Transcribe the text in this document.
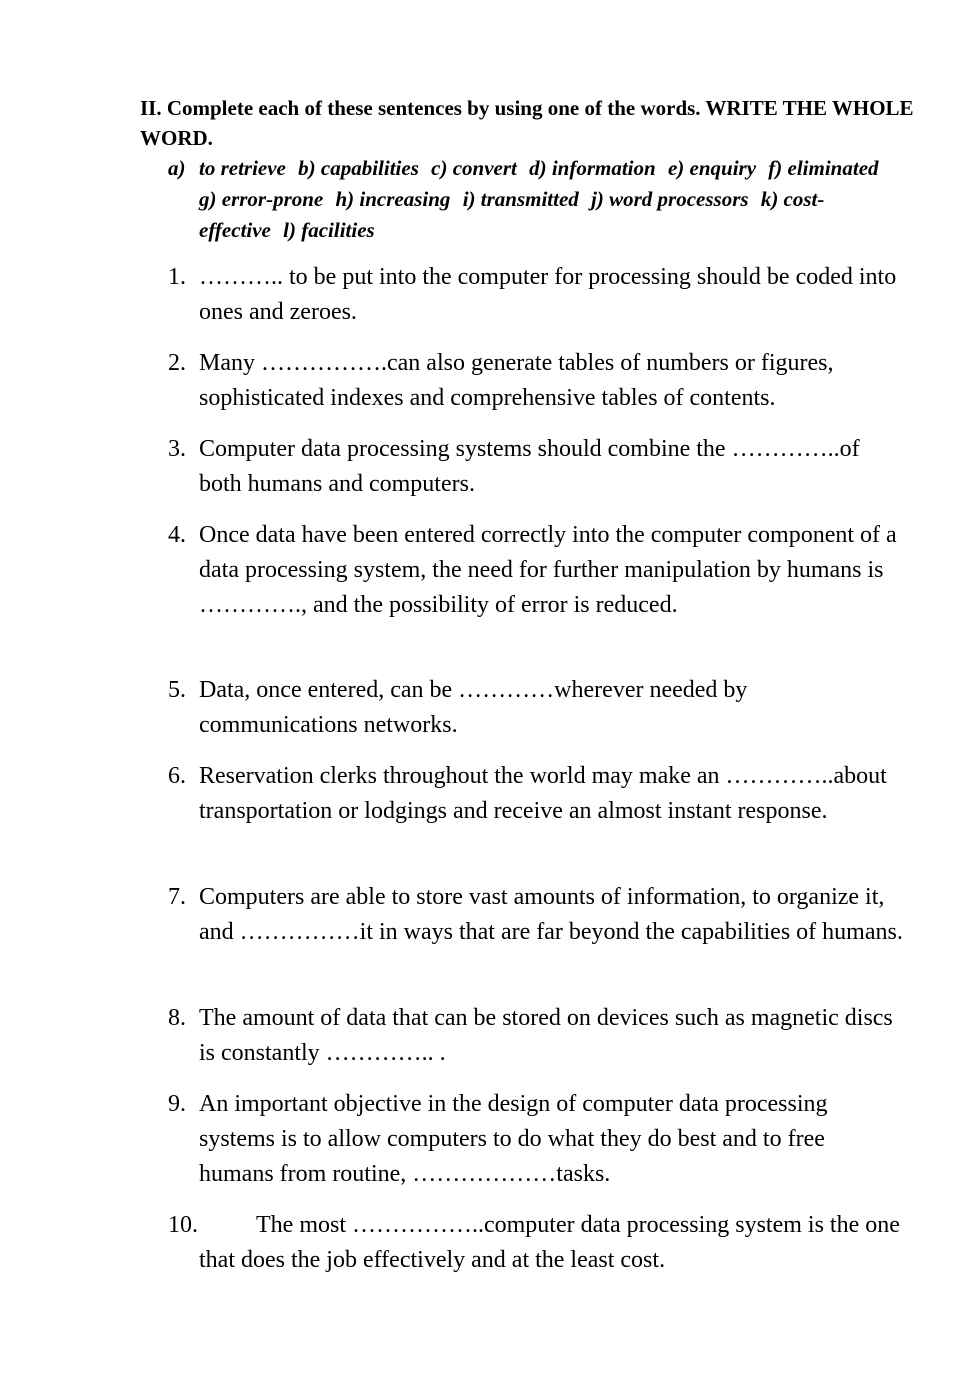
II. Complete each of these sentences by using one of the words. WRITE THE WHOLE WORD.
a) to retrieve b) capabilities c) convert d) information e) enquiry f) eliminated g) error-prone h) increasing i) transmitted j) word processors k) cost-effective l) facilities
1. ……….. to be put into the computer for processing should be coded into ones and zeroes.
2. Many …………….can also generate tables of numbers or figures, sophisticated indexes and comprehensive tables of contents.
3. Computer data processing systems should combine the …………..of both humans and computers.
4. Once data have been entered correctly into the computer component of a data processing system, the need for further manipulation by humans is …………., and the possibility of error is reduced.
5. Data, once entered, can be …………wherever needed by communications networks.
6. Reservation clerks throughout the world may make an …………..about transportation or lodgings and receive an almost instant response.
7. Computers are able to store vast amounts of information, to organize it, and ……………it in ways that are far beyond the capabilities of humans.
8. The amount of data that can be stored on devices such as magnetic discs is constantly ………….. .
9. An important objective in the design of computer data processing systems is to allow computers to do what they do best and to free humans from routine, ………………tasks.
10.	The most ……………..computer data processing system is the one that does the job effectively and at the least cost.
